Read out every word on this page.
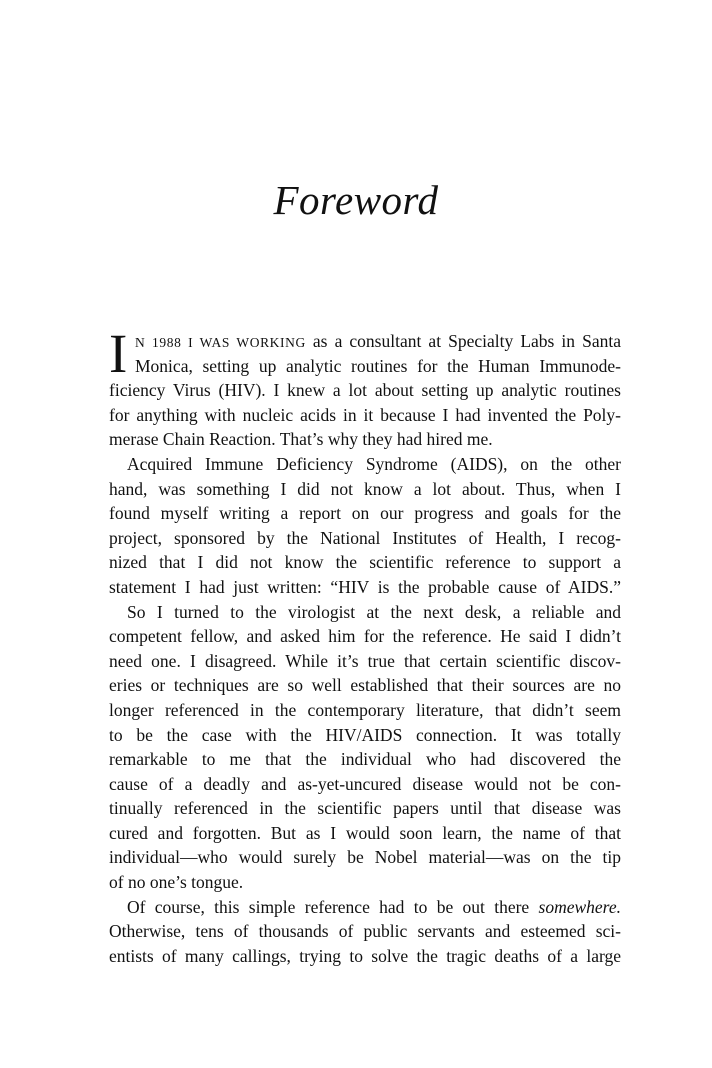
Foreword
I N 1988 I WAS WORKING as a consultant at Specialty Labs in Santa
Monica, setting up analytic routines for the Human Immunode-
ficiency Virus (HIV). I knew a lot about setting up analytic routines
for anything with nucleic acids in it because I had invented the Poly-
merase Chain Reaction. That’s why they had hired me.
Acquired Immune Deficiency Syndrome (AIDS), on the other
hand, was something I did not know a lot about. Thus, when I
found myself writing a report on our progress and goals for the
project, sponsored by the National Institutes of Health, I recog-
nized that I did not know the scientific reference to support a
statement I had just written: “HIV is the probable cause of AIDS.”
So I turned to the virologist at the next desk, a reliable and
competent fellow, and asked him for the reference. He said I didn’t
need one. I disagreed. While it’s true that certain scientific discov-
eries or techniques are so well established that their sources are no
longer referenced in the contemporary literature, that didn’t seem
to be the case with the HIV/AIDS connection. It was totally
remarkable to me that the individual who had discovered the
cause of a deadly and as-yet-uncured disease would not be con-
tinually referenced in the scientific papers until that disease was
cured and forgotten. But as I would soon learn, the name of that
individual—who would surely be Nobel material—was on the tip
of no one’s tongue.
Of course, this simple reference had to be out there somewhere.
Otherwise, tens of thousands of public servants and esteemed sci-
entists of many callings, trying to solve the tragic deaths of a large
